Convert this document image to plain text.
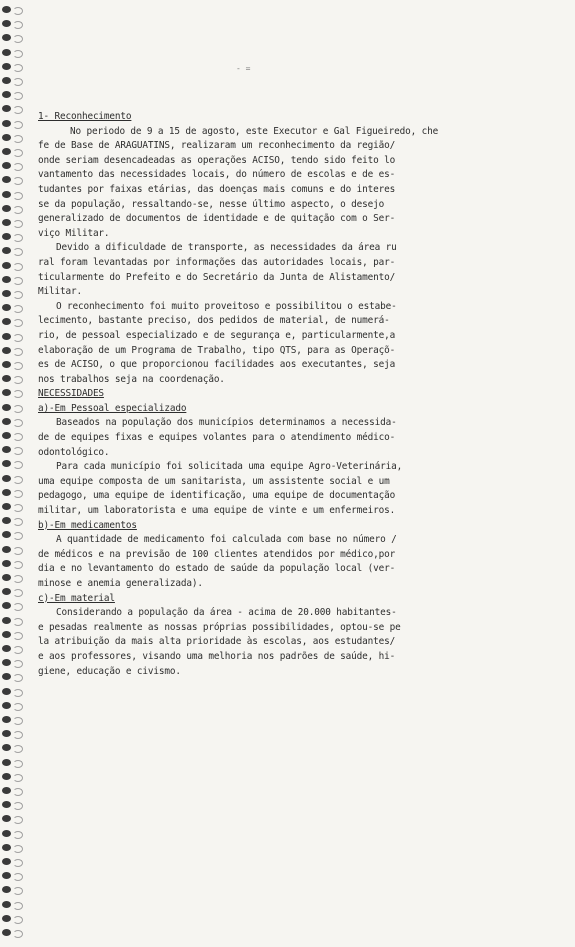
- =
1- Reconhecimento
No periodo de 9 a 15 de agosto, este Executor e Gal Figueiredo, che
fe de Base de ARAGUATINS, realizaram um reconhecimento da região/
onde seriam desencadeadas as operações ACISO, tendo sido feito lo
vantamento das necessidades locais, do número de escolas e de es-
tudantes por faixas etárias, das doenças mais comuns e do interes
se da população, ressaltando-se, nesse último aspecto, o desejo
generalizado de documentos de identidade e de quitação com o Ser-
viço Militar.
Devido a dificuldade de transporte, as necessidades da área ru
ral foram levantadas por informações das autoridades locais, par-
ticularmente do Prefeito e do Secretário da Junta de Alistamento/
Militar.
O reconhecimento foi muito proveitoso e possibilitou o estabe-
lecimento, bastante preciso, dos pedidos de material, de numerá-
rio, de pessoal especializado e de segurança e, particularmente,a
elaboração de um Programa de Trabalho, tipo QTS, para as Operaçõ-
es de ACISO, o que proporcionou facilidades aos executantes, seja
nos trabalhos seja na coordenação.
NECESSIDADES
a)-Em Pessoal especializado
Baseados na população dos municípios determinamos a necessida-
de de equipes fixas e equipes volantes para o atendimento médico-
odontológico.
Para cada município foi solicitada uma equipe Agro-Veterinária,
uma equipe composta de um sanitarista, um assistente social e um
pedagogo, uma equipe de identificação, uma equipe de documentação
militar, um laboratorista e uma equipe de vinte e um enfermeiros.
b)-Em medicamentos
A quantidade de medicamento foi calculada com base no número /
de médicos e na previsão de 100 clientes atendidos por médico,por
dia e no levantamento do estado de saúde da população local (ver-
minose e anemia generalizada).
c)-Em material
Considerando a população da área - acima de 20.000 habitantes-
e pesadas realmente as nossas próprias possibilidades, optou-se pe
la atribuição da mais alta prioridade às escolas, aos estudantes/
e aos professores, visando uma melhoria nos padrões de saúde, hi-
giene, educação e civismo.
